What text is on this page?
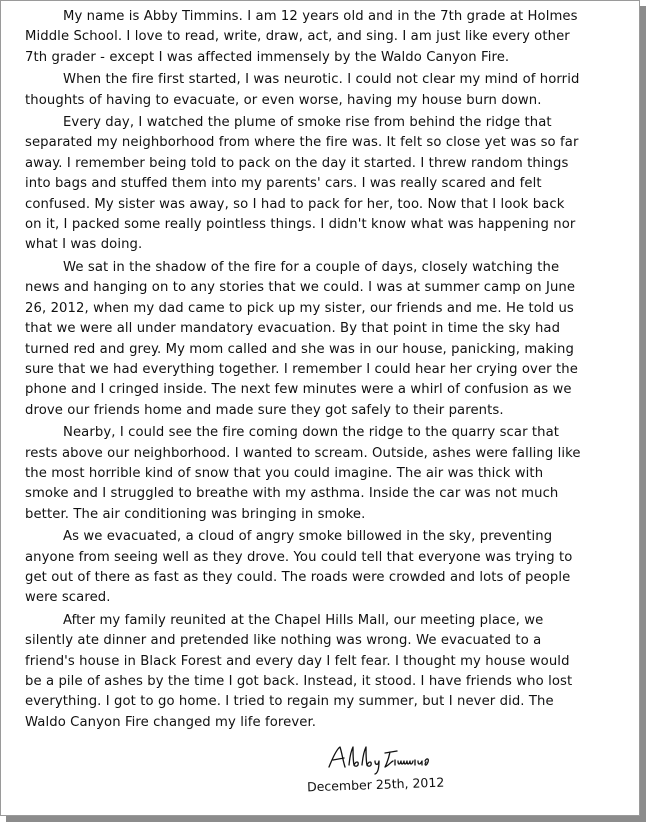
My name is Abby Timmins. I am 12 years old and in the 7th grade at Holmes Middle School. I love to read, write, draw, act, and sing. I am just like every other 7th grader - except I was affected immensely by the Waldo Canyon Fire.

When the fire first started, I was neurotic. I could not clear my mind of horrid thoughts of having to evacuate, or even worse, having my house burn down.

Every day, I watched the plume of smoke rise from behind the ridge that separated my neighborhood from where the fire was. It felt so close yet was so far away. I remember being told to pack on the day it started. I threw random things into bags and stuffed them into my parents' cars. I was really scared and felt confused. My sister was away, so I had to pack for her, too. Now that I look back on it, I packed some really pointless things. I didn't know what was happening nor what I was doing.

We sat in the shadow of the fire for a couple of days, closely watching the news and hanging on to any stories that we could. I was at summer camp on June 26, 2012, when my dad came to pick up my sister, our friends and me. He told us that we were all under mandatory evacuation. By that point in time the sky had turned red and grey. My mom called and she was in our house, panicking, making sure that we had everything together. I remember I could hear her crying over the phone and I cringed inside. The next few minutes were a whirl of confusion as we drove our friends home and made sure they got safely to their parents.

Nearby, I could see the fire coming down the ridge to the quarry scar that rests above our neighborhood. I wanted to scream. Outside, ashes were falling like the most horrible kind of snow that you could imagine. The air was thick with smoke and I struggled to breathe with my asthma. Inside the car was not much better. The air conditioning was bringing in smoke.

As we evacuated, a cloud of angry smoke billowed in the sky, preventing anyone from seeing well as they drove. You could tell that everyone was trying to get out of there as fast as they could. The roads were crowded and lots of people were scared.

After my family reunited at the Chapel Hills Mall, our meeting place, we silently ate dinner and pretended like nothing was wrong. We evacuated to a friend's house in Black Forest and every day I felt fear. I thought my house would be a pile of ashes by the time I got back. Instead, it stood. I have friends who lost everything. I got to go home. I tried to regain my summer, but I never did. The Waldo Canyon Fire changed my life forever.

December 25th, 2012
